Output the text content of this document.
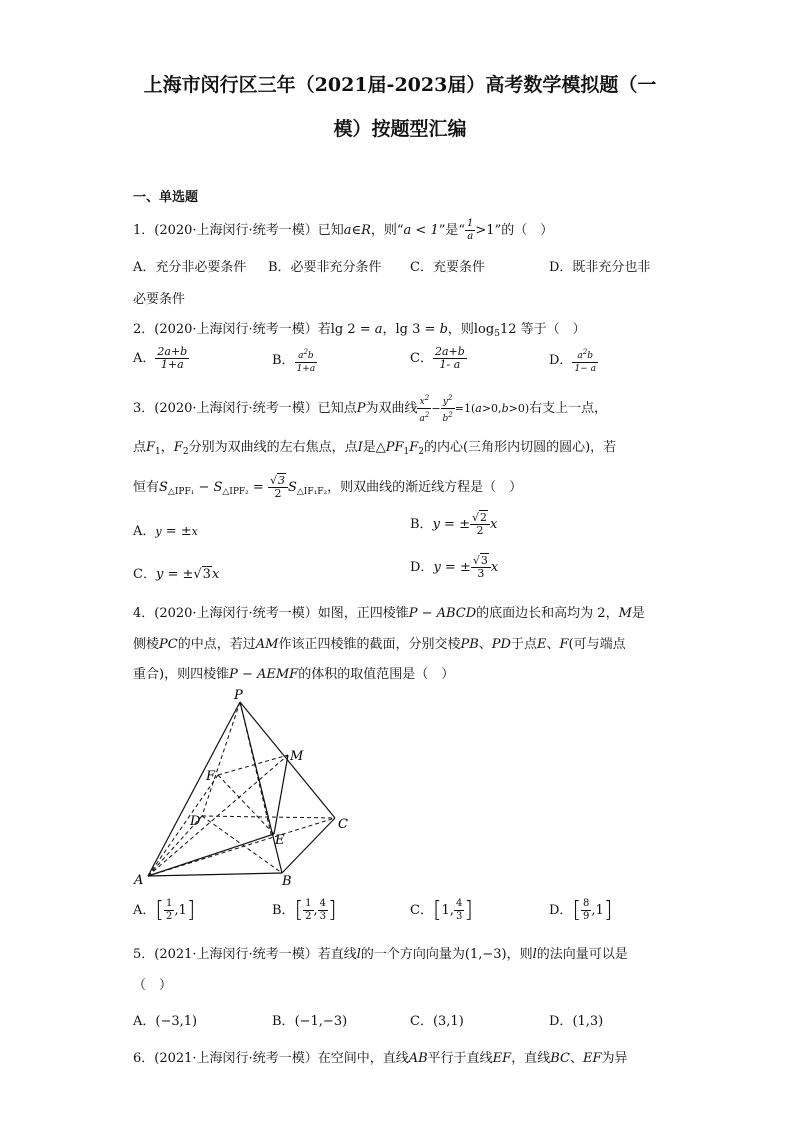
上海市闵行区三年（2021届-2023届）高考数学模拟题（一
模）按题型汇编
一、单选题
1．(2020·上海闵行·统考一模）已知a∈R，则“a < 1”是“ $\frac{1}{a} >1$”的（　）
A．充分非必要条件 B．必要非充分条件 C．充要条件	D．既非充分也非
必要条件
2．(2020·上海闵行·统考一模）若lg 2 = a，lg 3 = b，则$\log_512$ 等于（　）
A． $\frac{2a+b}{1+a}$	B． $\frac{a^2b}{1+a}$	C． $\frac{2a+b}{1- a}$	D． $\frac{a^2b}{1- a}$
3．(2020·上海闵行·统考一模）已知点P为双曲线 $\frac{x^2}{a^2} - \frac{y^2}{b^2} =1(a>0,b>0)$右支上一点，
点$F_1$，$F_2$分别为双曲线的左右焦点，点I是$\triangle PF_1F_2$的内心(三角形内切圆的圆心)，若
恒有$S_{\triangle IPF_1} - S_{\triangle IPF_2} = \frac{√3}{2} S_{\triangle IF_1F_2}$，则双曲线的渐近线方程是（　）
A．y = ±x	B．y = ± $\frac{√2}{2}$ x
C．y = ±√3x	D．y = ± $\frac{√3}{3}$ x
4．(2020·上海闵行·统考一模）如图，正四棱锥P − ABCD的底面边长和高均为 2，M是
侧棱PC的中点，若过AM作该正四棱锥的截面，分别交棱PB、PD于点E、F(可与端点
重合)，则四棱锥P − AEMF的体积的取值范围是（　）
P
M
F
D	C
E
A	B
A．[ $\frac{1}{2} ,1$]	B．[ $\frac{1}{2}$ , $\frac{4}{3}$ ]	C．[1, $\frac{4}{3}$ ]	D．[ $\frac{8}{9} ,1$]
5．(2021·上海闵行·统考一模）若直线l的一个方向向量为(1,−3)，则l的法向量可以是
（　）
A．(−3,1)	B．(−1,−3)	C．(3,1)	D．(1,3)
6．(2021·上海闵行·统考一模）在空间中，直线AB平行于直线EF，直线BC、EF为异
